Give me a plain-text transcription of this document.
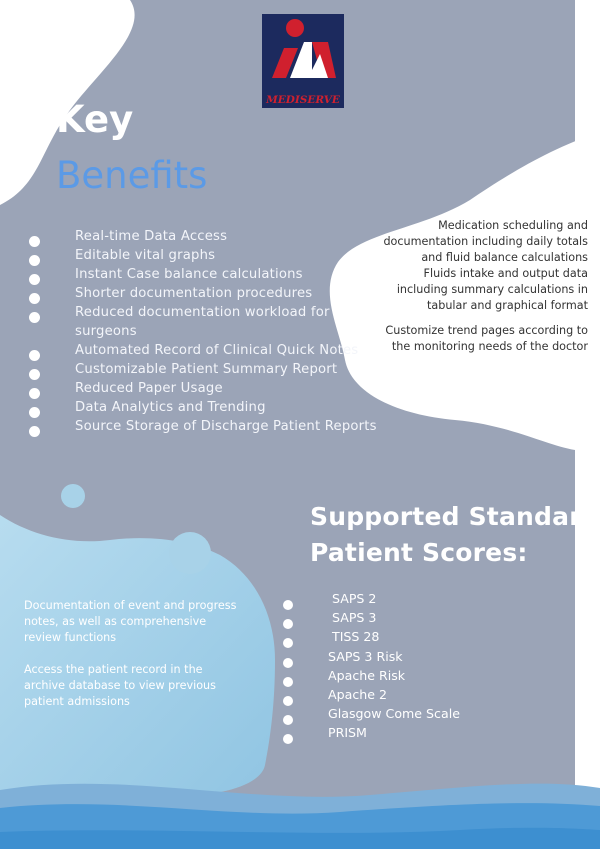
MEDISERVE
Key
Benefits
Real-time Data Access
Editable vital graphs
Instant Case balance calculations
Shorter documentation procedures
Reduced documentation workload for surgeons
Automated Record of Clinical Quick Notes
Customizable Patient Summary Report
Reduced Paper Usage
Data Analytics and Trending
Source Storage of Discharge Patient Reports
Medication scheduling and documentation including daily totals and fluid balance calculations
Fluids intake and output data including summary calculations in tabular and graphical format
Customize trend pages according to the monitoring needs of the doctor
Supported Standard Patient Scores:
SAPS 2
SAPS 3
TISS 28
SAPS 3 Risk
Apache Risk
Apache 2
Glasgow Come Scale
PRISM
Documentation of event and progress notes, as well as comprehensive review functions
Access the patient record in the archive database to view previous patient admissions
